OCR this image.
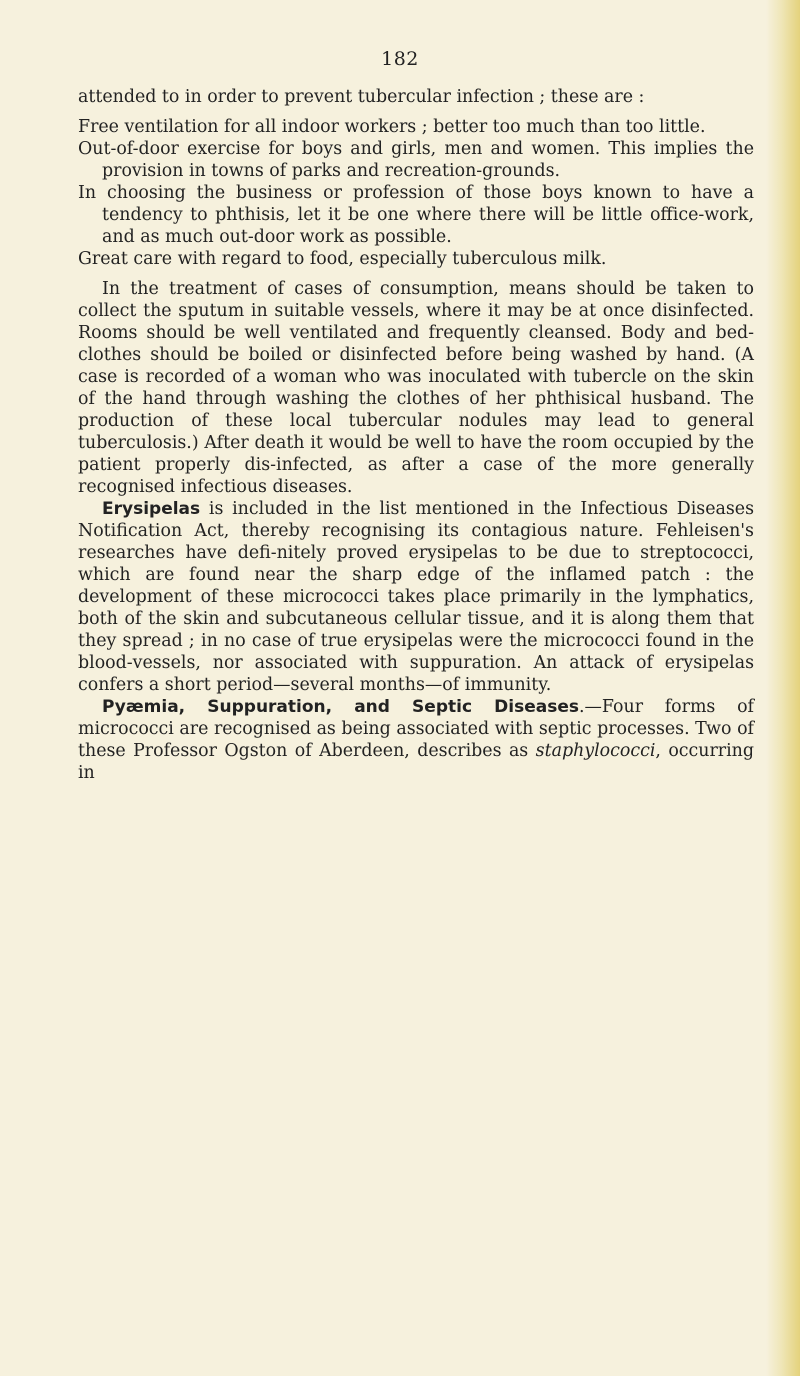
182

attended to in order to prevent tubercular infection ; these are :

Free ventilation for all indoor workers ; better too much than too little.

Out-of-door exercise for boys and girls, men and women. This implies the provision in towns of parks and recreation-grounds.

In choosing the business or profession of those boys known to have a tendency to phthisis, let it be one where there will be little office-work, and as much out-door work as possible.

Great care with regard to food, especially tuberculous milk.

In the treatment of cases of consumption, means should be taken to collect the sputum in suitable vessels, where it may be at once disinfected. Rooms should be well ventilated and frequently cleansed. Body and bed-clothes should be boiled or disinfected before being washed by hand. (A case is recorded of a woman who was inoculated with tubercle on the skin of the hand through washing the clothes of her phthisical husband. The production of these local tubercular nodules may lead to general tuberculosis.) After death it would be well to have the room occupied by the patient properly dis-infected, as after a case of the more generally recognised infectious diseases.

Erysipelas is included in the list mentioned in the Infectious Diseases Notification Act, thereby recognising its contagious nature. Fehleisen's researches have defi-nitely proved erysipelas to be due to streptococci, which are found near the sharp edge of the inflamed patch : the development of these micrococci takes place primarily in the lymphatics, both of the skin and subcutaneous cellular tissue, and it is along them that they spread ; in no case of true erysipelas were the micrococci found in the blood-vessels, nor associated with suppuration. An attack of erysipelas confers a short period—several months—of immunity.

Pyæmia, Suppuration, and Septic Diseases.—Four forms of micrococci are recognised as being associated with septic processes. Two of these Professor Ogston of Aberdeen, describes as staphylococci, occurring in
